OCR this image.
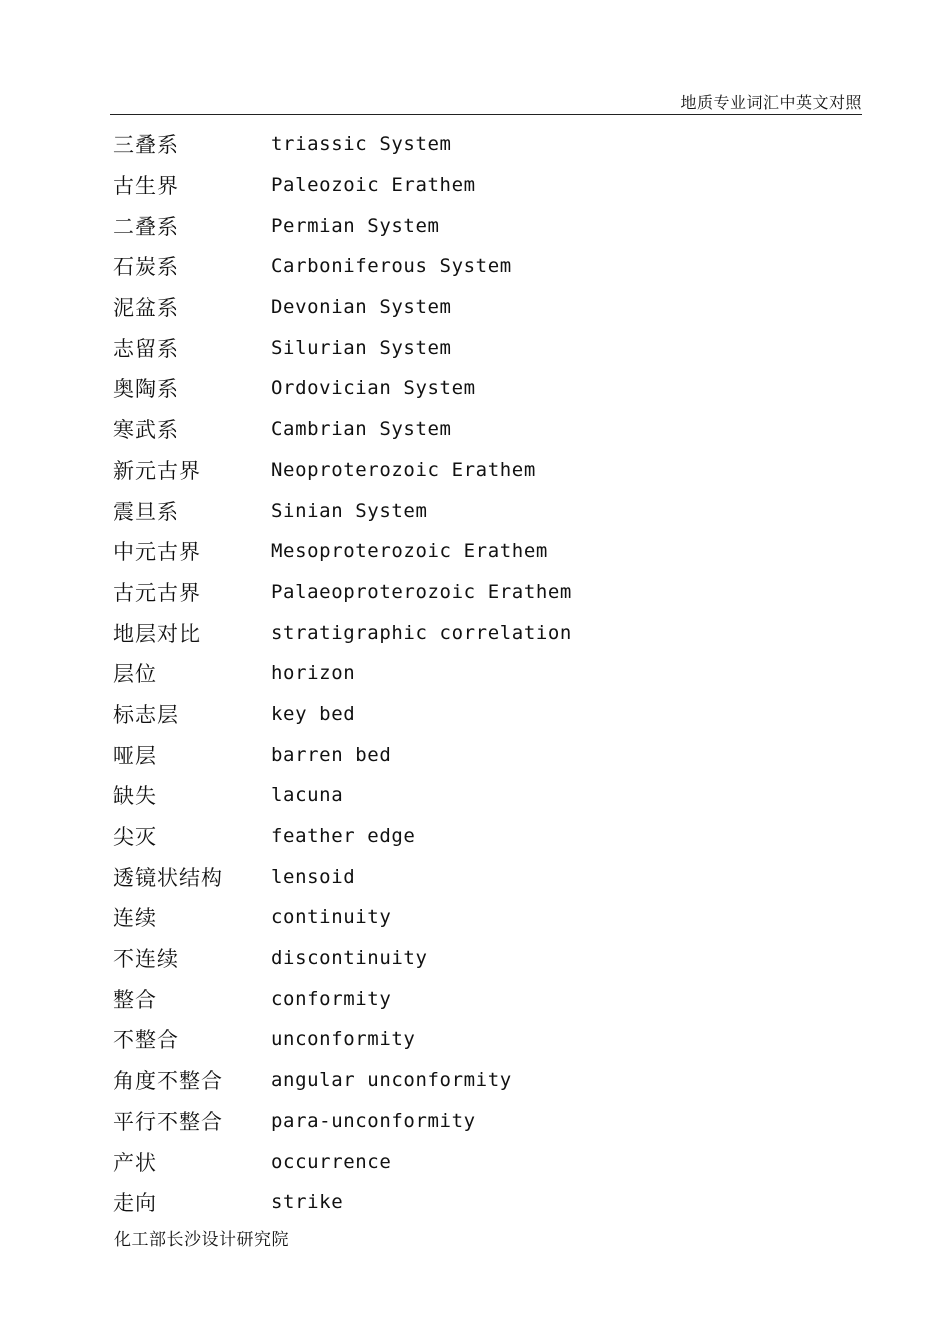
地质专业词汇中英文对照
三叠系	triassic System
古生界	Paleozoic Erathem
二叠系	Permian System
石炭系	Carboniferous System
泥盆系	Devonian System
志留系	Silurian System
奥陶系	Ordovician System
寒武系	Cambrian System
新元古界	Neoproterozoic Erathem
震旦系	Sinian System
中元古界	Mesoproterozoic Erathem
古元古界	Palaeoproterozoic Erathem
地层对比	stratigraphic correlation
层位	horizon
标志层	key bed
哑层	barren bed
缺失	lacuna
尖灭	feather edge
透镜状结构	lensoid
连续	continuity
不连续	discontinuity
整合	conformity
不整合	unconformity
角度不整合	angular unconformity
平行不整合	para-unconformity
产状	occurrence
走向	strike
化工部长沙设计研究院
